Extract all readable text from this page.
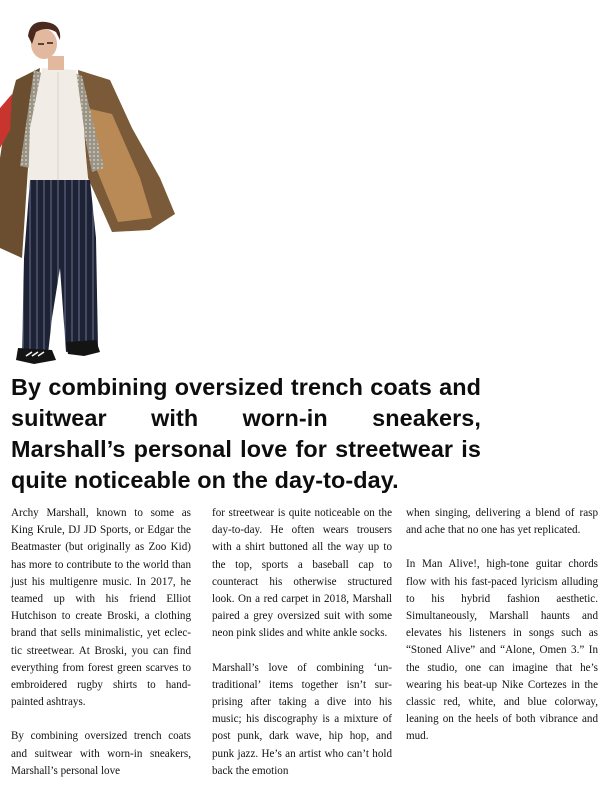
By combining oversized trench coats and suitwear with worn-in sneakers, Marshall’s personal love for streetwear is quite noticeable on the day-to-day.

Archy Marshall, known to some as King Krule, DJ JD Sports, or Edgar the Beatmaster (but originally as Zoo Kid) has more to contribute to the world than just his multigenre music. In 2017, he teamed up with his friend Elliot Hutchison to create Broski, a clothing brand that sells minimalistic, yet eclectic streetwear. At Broski, you can find everything from forest green scarves to embroidered rugby shirts to hand-painted ashtrays.

By combining oversized trench coats and suitwear with worn-in sneakers, Marshall’s personal love

for streetwear is quite noticeable on the day-to-day. He often wears trousers with a shirt buttoned all the way up to the top, sports a baseball cap to counteract his otherwise structured look. On a red carpet in 2018, Marshall paired a grey oversized suit with some neon pink slides and white ankle socks.

Marshall’s love of combining ‘untraditional’ items together isn’t surprising after taking a dive into his music; his discography is a mixture of post punk, dark wave, hip hop, and punk jazz. He’s an artist who can’t hold back the emotion

when singing, delivering a blend of rasp and ache that no one has yet replicated.

In Man Alive!, high-tone guitar chords flow with his fast-paced lyricism alluding to his hybrid fashion aesthetic. Simultaneously, Marshall haunts and elevates his listeners in songs such as “Stoned Alive” and “Alone, Omen 3.” In the studio, one can imagine that he’s wearing his beat-up Nike Cortezes in the classic red, white, and blue colorway, leaning on the heels of both vibrance and mud.
